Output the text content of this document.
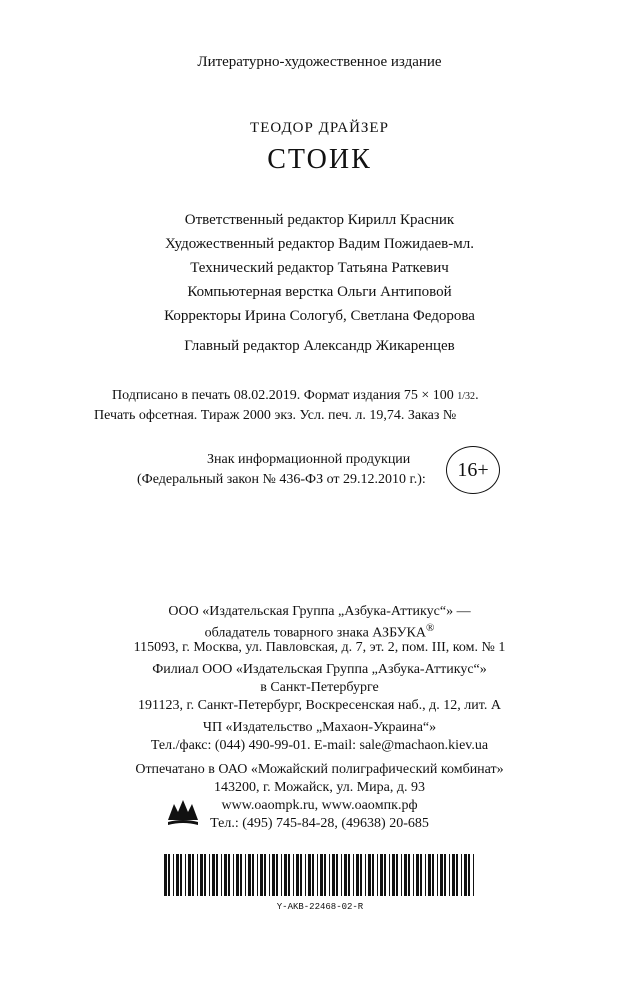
Литературно-художественное издание
ТЕОДОР ДРАЙЗЕР
СТОИК
Ответственный редактор Кирилл Красник
Художественный редактор Вадим Пожидаев-мл.
Технический редактор Татьяна Раткевич
Компьютерная верстка Ольги Антиповой
Корректоры Ирина Сологуб, Светлана Федорова
Главный редактор Александр Жикаренцев
Подписано в печать 08.02.2019. Формат издания 75 × 100 1/32.
Печать офсетная. Тираж 2000 экз. Усл. печ. л. 19,74. Заказ №
Знак информационной продукции
(Федеральный закон № 436-ФЗ от 29.12.2010 г.):	16+
ООО «Издательская Группа „Азбука-Аттикус“» —
обладатель товарного знака АЗБУКА®
115093, г. Москва, ул. Павловская, д. 7, эт. 2, пом. III, ком. № 1
Филиал ООО «Издательская Группа „Азбука-Аттикус“»
в Санкт-Петербурге
191123, г. Санкт-Петербург, Воскресенская наб., д. 12, лит. А
ЧП «Издательство „Махаон-Украина“»
Тел./факс: (044) 490-99-01. E-mail: sale@machaon.kiev.ua
Отпечатано в ОАО «Можайский полиграфический комбинат»
143200, г. Можайск, ул. Мира, д. 93
www.oaompk.ru, www.oaoмпк.рф
Тел.: (495) 745-84-28, (49638) 20-685
Y-AKB-22468-02-R
